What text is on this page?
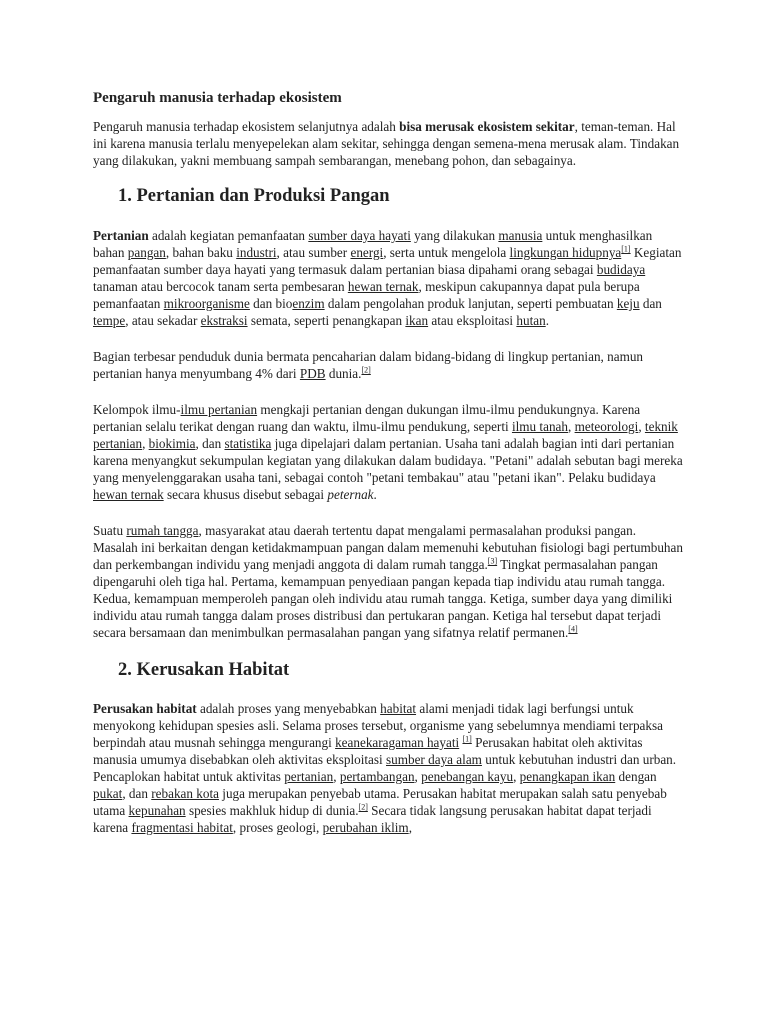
Pengaruh manusia terhadap ekosistem

Pengaruh manusia terhadap ekosistem selanjutnya adalah bisa merusak ekosistem sekitar, teman-teman. Hal ini karena manusia terlalu menyepelekan alam sekitar, sehingga dengan semena-mena merusak alam. Tindakan yang dilakukan, yakni membuang sampah sembarangan, menebang pohon, dan sebagainya.

1. Pertanian dan Produksi Pangan

Pertanian adalah kegiatan pemanfaatan sumber daya hayati yang dilakukan manusia untuk menghasilkan bahan pangan, bahan baku industri, atau sumber energi, serta untuk mengelola lingkungan hidupnya[1] Kegiatan pemanfaatan sumber daya hayati yang termasuk dalam pertanian biasa dipahami orang sebagai budidaya tanaman atau bercocok tanam serta pembesaran hewan ternak, meskipun cakupannya dapat pula berupa pemanfaatan mikroorganisme dan bioenzim dalam pengolahan produk lanjutan, seperti pembuatan keju dan tempe, atau sekadar ekstraksi semata, seperti penangkapan ikan atau eksploitasi hutan.

Bagian terbesar penduduk dunia bermata pencaharian dalam bidang-bidang di lingkup pertanian, namun pertanian hanya menyumbang 4% dari PDB dunia.[2]

Kelompok ilmu-ilmu pertanian mengkaji pertanian dengan dukungan ilmu-ilmu pendukungnya. Karena pertanian selalu terikat dengan ruang dan waktu, ilmu-ilmu pendukung, seperti ilmu tanah, meteorologi, teknik pertanian, biokimia, dan statistika juga dipelajari dalam pertanian. Usaha tani adalah bagian inti dari pertanian karena menyangkut sekumpulan kegiatan yang dilakukan dalam budidaya. "Petani" adalah sebutan bagi mereka yang menyelenggarakan usaha tani, sebagai contoh "petani tembakau" atau "petani ikan". Pelaku budidaya hewan ternak secara khusus disebut sebagai peternak.

Suatu rumah tangga, masyarakat atau daerah tertentu dapat mengalami permasalahan produksi pangan. Masalah ini berkaitan dengan ketidakmampuan pangan dalam memenuhi kebutuhan fisiologi bagi pertumbuhan dan perkembangan individu yang menjadi anggota di dalam rumah tangga.[3] Tingkat permasalahan pangan dipengaruhi oleh tiga hal. Pertama, kemampuan penyediaan pangan kepada tiap individu atau rumah tangga. Kedua, kemampuan memperoleh pangan oleh individu atau rumah tangga. Ketiga, sumber daya yang dimiliki individu atau rumah tangga dalam proses distribusi dan pertukaran pangan. Ketiga hal tersebut dapat terjadi secara bersamaan dan menimbulkan permasalahan pangan yang sifatnya relatif permanen.[4]

2. Kerusakan Habitat

Perusakan habitat adalah proses yang menyebabkan habitat alami menjadi tidak lagi berfungsi untuk menyokong kehidupan spesies asli. Selama proses tersebut, organisme yang sebelumnya mendiami terpaksa berpindah atau musnah sehingga mengurangi keanekaragaman hayati [1] Perusakan habitat oleh aktivitas manusia umumya disebabkan oleh aktivitas eksploitasi sumber daya alam untuk kebutuhan industri dan urban. Pencaplokan habitat untuk aktivitas pertanian, pertambangan, penebangan kayu, penangkapan ikan dengan pukat, dan rebakan kota juga merupakan penyebab utama. Perusakan habitat merupakan salah satu penyebab utama kepunahan spesies makhluk hidup di dunia.[2] Secara tidak langsung perusakan habitat dapat terjadi karena fragmentasi habitat, proses geologi, perubahan iklim,
